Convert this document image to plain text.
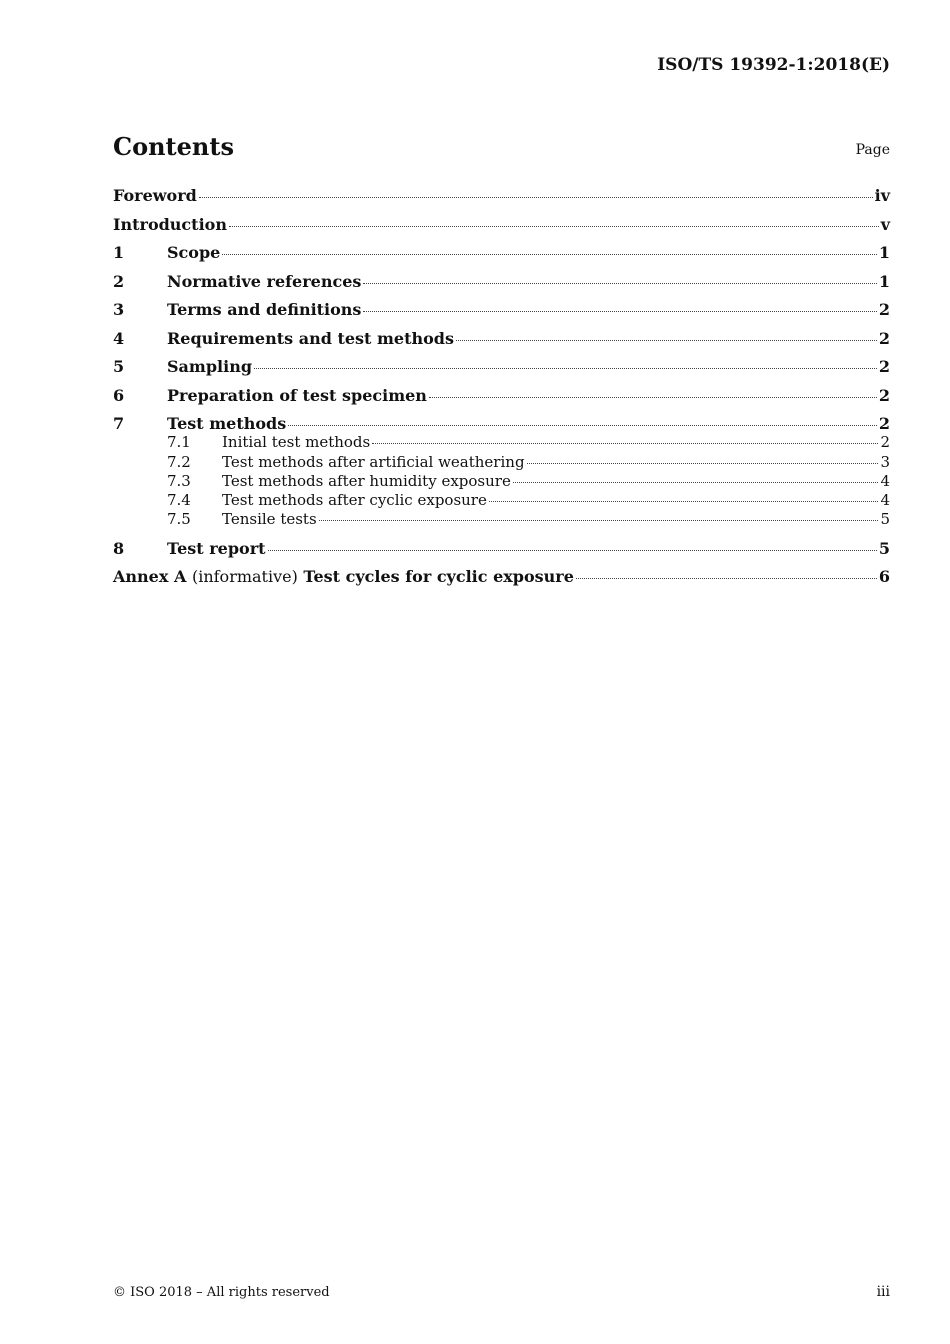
ISO/TS 19392-1:2018(E)
Contents	Page
Foreword	iv
Introduction	v
1	Scope	1
2	Normative references	1
3	Terms and definitions	2
4	Requirements and test methods	2
5	Sampling	2
6	Preparation of test specimen	2
7	Test methods	2
7.1	Initial test methods	2
7.2	Test methods after artificial weathering	3
7.3	Test methods after humidity exposure	4
7.4	Test methods after cyclic exposure	4
7.5	Tensile tests	5
8	Test report	5
Annex A (informative) Test cycles for cyclic exposure	6
© ISO 2018 – All rights reserved	iii
